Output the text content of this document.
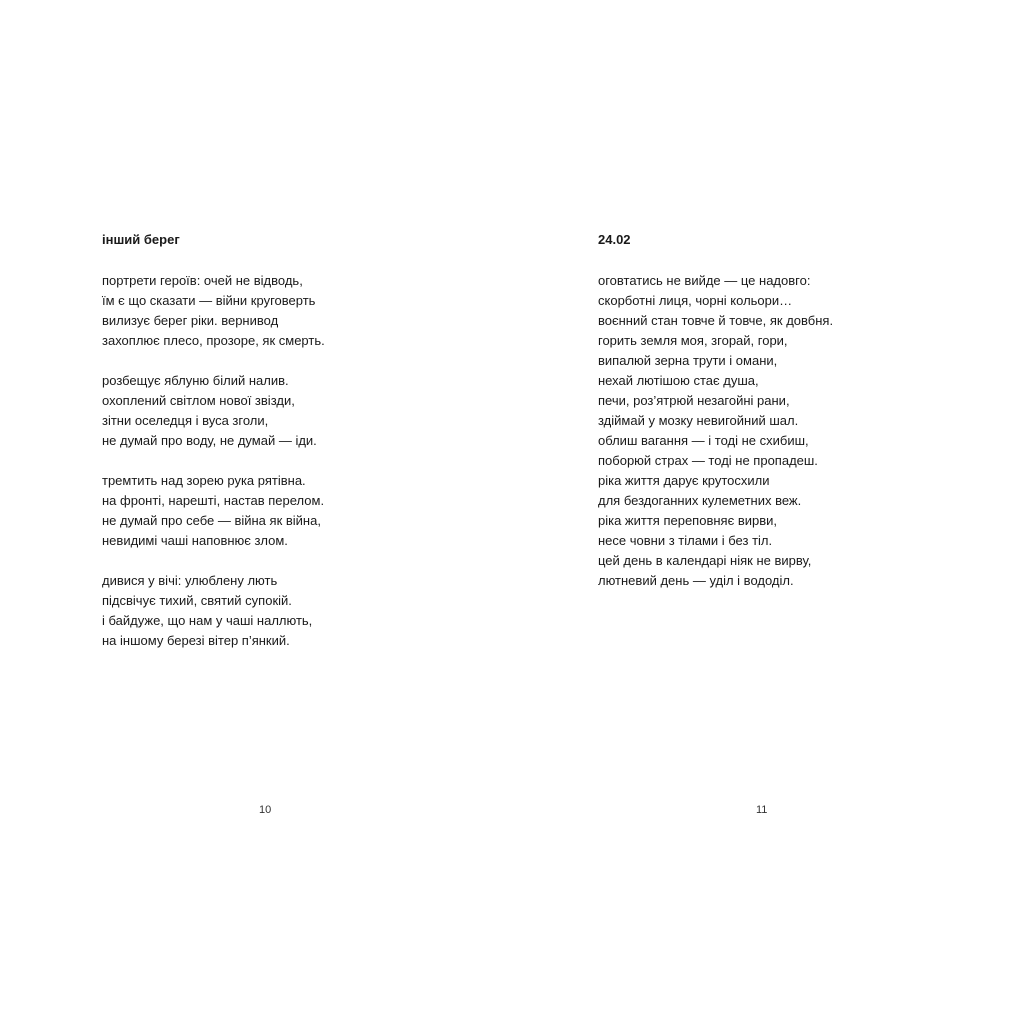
інший берег
портрети героїв: очей не відводь,
їм є що сказати — війни круговерть
вилизує берег ріки. вернивод
захоплює плесо, прозоре, як смерть.
розбещує яблуню білий налив.
охоплений світлом нової звізди,
зітни оселедця і вуса зголи,
не думай про воду, не думай — іди.
тремтить над зорею рука рятівна.
на фронті, нарешті, настав перелом.
не думай про себе — війна як війна,
невидимі чаші наповнює злом.
дивися у вічі: улюблену лють
підсвічує тихий, святий супокій.
і байдуже, що нам у чаші наллють,
на іншому березі вітер п’янкий.
10
24.02
оговтатись не вийде — це надовго:
скорботні лиця, чорні кольори…
воєнний стан товче й товче, як довбня.
горить земля моя, згорай, гори,
випалюй зерна трути і омани,
нехай лютішою стає душа,
печи, роз’ятрюй незагойні рани,
здіймай у мозку невигойний шал.
облиш вагання — і тоді не схибиш,
поборюй страх — тоді не пропадеш.
ріка життя дарує крутосхили
для бездоганних кулеметних веж.
ріка життя переповняє вирви,
несе човни з тілами і без тіл.
цей день в календарі ніяк не вирву,
лютневий день — уділ і вододіл.
11
